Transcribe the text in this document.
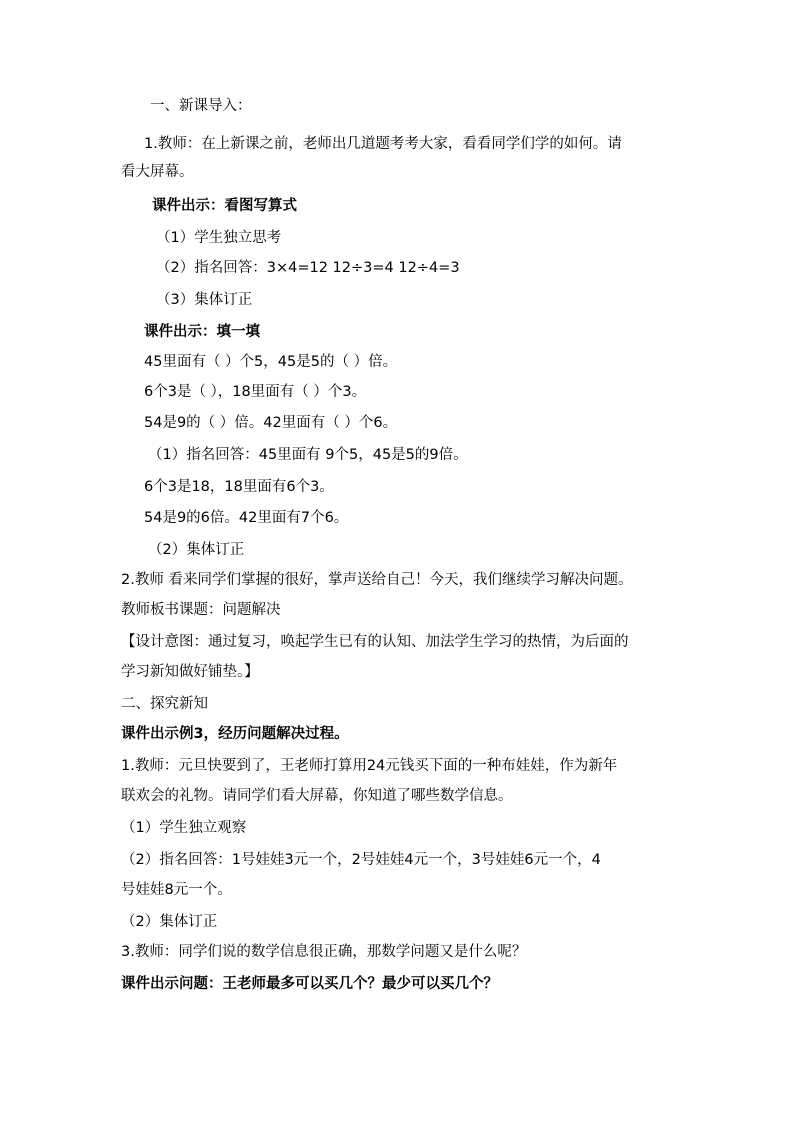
一、新课导入：
1.教师：在上新课之前，老师出几道题考考大家，看看同学们学的如何。请
看大屏幕。
课件出示：看图写算式
（1）学生独立思考
（2）指名回答：3×4=12 12÷3=4 12÷4=3
（3）集体订正
课件出示：填一填
45里面有（ ）个5，45是5的（ ）倍。
6个3是（ ），18里面有（ ）个3。
54是9的（ ）倍。42里面有（ ）个6。
（1）指名回答：45里面有 9个5，45是5的9倍。
6个3是18，18里面有6个3。
54是9的6倍。42里面有7个6。
（2）集体订正
2.教师 看来同学们掌握的很好，掌声送给自己！今天，我们继续学习解决问题。
教师板书课题：问题解决
【设计意图：通过复习，唤起学生已有的认知、加法学生学习的热情，为后面的
学习新知做好铺垫。】
二、探究新知
课件出示例3，经历问题解决过程。
1.教师：元旦快要到了，王老师打算用24元钱买下面的一种布娃娃，作为新年
联欢会的礼物。请同学们看大屏幕，你知道了哪些数学信息。
（1）学生独立观察
（2）指名回答：1号娃娃3元一个，2号娃娃4元一个，3号娃娃6元一个，4
号娃娃8元一个。
（2）集体订正
3.教师：同学们说的数学信息很正确，那数学问题又是什么呢？
课件出示问题：王老师最多可以买几个？最少可以买几个？
